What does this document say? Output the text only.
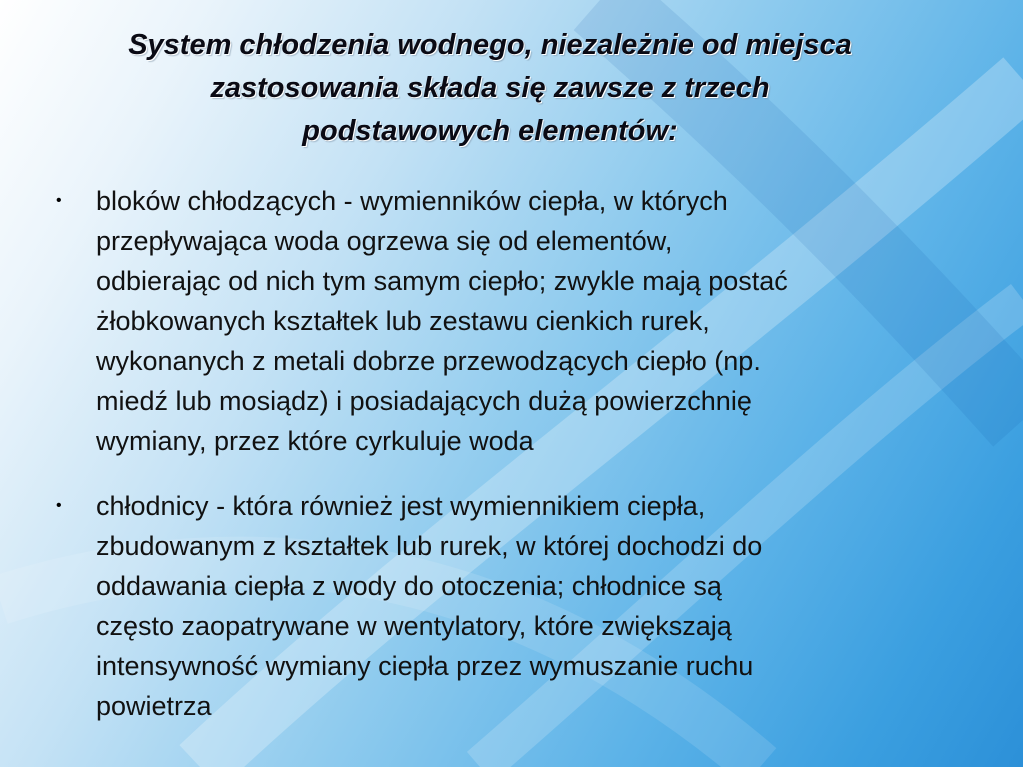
System chłodzenia wodnego, niezależnie od miejsca
zastosowania składa się zawsze z trzech
podstawowych elementów:
•	bloków chłodzących - wymienników ciepła, w których
przepływająca woda ogrzewa się od elementów,
odbierając od nich tym samym ciepło; zwykle mają postać
żłobkowanych kształtek lub zestawu cienkich rurek,
wykonanych z metali dobrze przewodzących ciepło (np.
miedź lub mosiądz) i posiadających dużą powierzchnię
wymiany, przez które cyrkuluje woda
•	chłodnicy - która również jest wymiennikiem ciepła,
zbudowanym z kształtek lub rurek, w której dochodzi do
oddawania ciepła z wody do otoczenia; chłodnice są
często zaopatrywane w wentylatory, które zwiększają
intensywność wymiany ciepła przez wymuszanie ruchu
powietrza
